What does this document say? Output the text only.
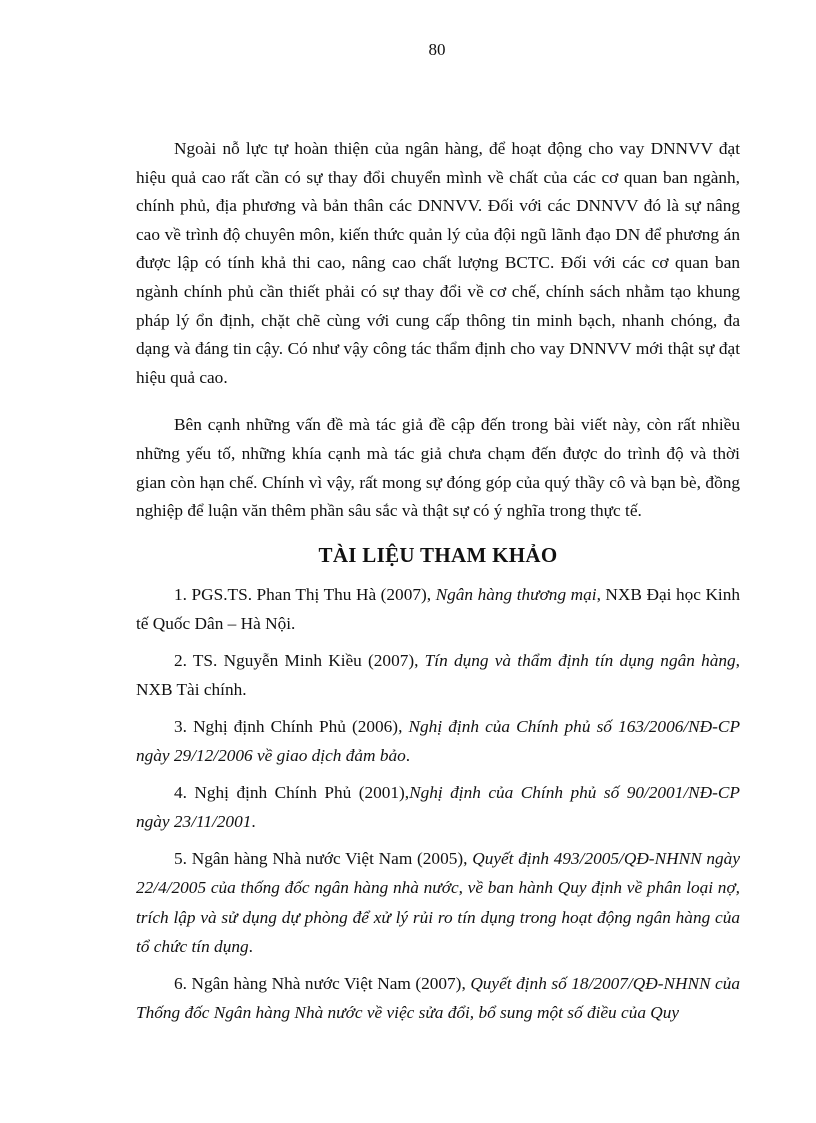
80

Ngoài nỗ lực tự hoàn thiện của ngân hàng, để hoạt động cho vay DNNVV đạt hiệu quả cao rất cần có sự thay đổi chuyển mình về chất của các cơ quan ban ngành, chính phủ, địa phương và bản thân các DNNVV. Đối với các DNNVV đó là sự nâng cao về trình độ chuyên môn, kiến thức quản lý của đội ngũ lãnh đạo DN để phương án được lập có tính khả thi cao, nâng cao chất lượng BCTC. Đối với các cơ quan ban ngành chính phủ cần thiết phải có sự thay đổi về cơ chế, chính sách nhằm tạo khung pháp lý ổn định, chặt chẽ cùng với cung cấp thông tin minh bạch, nhanh chóng, đa dạng và đáng tin cậy. Có như vậy công tác thẩm định cho vay DNNVV mới thật sự đạt hiệu quả cao.

Bên cạnh những vấn đề mà tác giả đề cập đến trong bài viết này, còn rất nhiều những yếu tố, những khía cạnh mà tác giả chưa chạm đến được do trình độ và thời gian còn hạn chế. Chính vì vậy, rất mong sự đóng góp của quý thầy cô và bạn bè, đồng nghiệp để luận văn thêm phần sâu sắc và thật sự có ý nghĩa trong thực tế.

TÀI LIỆU THAM KHẢO

1. PGS.TS. Phan Thị Thu Hà (2007), Ngân hàng thương mại, NXB Đại học Kinh tế Quốc Dân – Hà Nội.

2. TS. Nguyễn Minh Kiều (2007), Tín dụng và thẩm định tín dụng ngân hàng, NXB Tài chính.

3. Nghị định Chính Phủ (2006), Nghị định của Chính phủ số 163/2006/NĐ-CP ngày 29/12/2006 về giao dịch đảm bảo.

4. Nghị định Chính Phủ (2001),Nghị định của Chính phủ số 90/2001/NĐ-CP ngày 23/11/2001.

5. Ngân hàng Nhà nước Việt Nam (2005), Quyết định 493/2005/QĐ-NHNN ngày 22/4/2005 của thống đốc ngân hàng nhà nước, về ban hành Quy định về phân loại nợ, trích lập và sử dụng dự phòng để xử lý rủi ro tín dụng trong hoạt động ngân hàng của tổ chức tín dụng.

6. Ngân hàng Nhà nước Việt Nam (2007), Quyết định số 18/2007/QĐ-NHNN của Thống đốc Ngân hàng Nhà nước về việc sửa đổi, bổ sung một số điều của Quy
